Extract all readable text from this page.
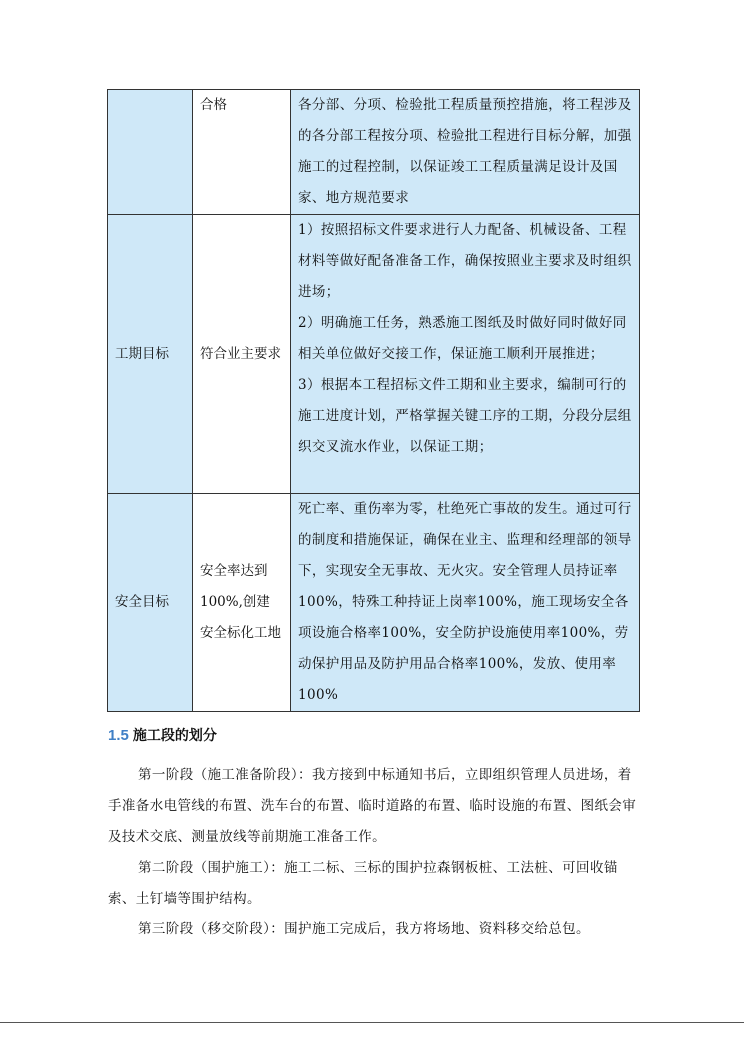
	合格	各分部、分项、检验批工程质量预控措施，将工程涉及的各分部工程按分项、检验批工程进行目标分解，加强施工的过程控制，以保证竣工工程质量满足设计及国家、地方规范要求
工期目标	符合业主要求	1）按照招标文件要求进行人力配备、机械设备、工程材料等做好配备准备工作，确保按照业主要求及时组织进场；
2）明确施工任务，熟悉施工图纸及时做好同时做好同相关单位做好交接工作，保证施工顺利开展推进；
3）根据本工程招标文件工期和业主要求，编制可行的施工进度计划，严格掌握关键工序的工期，分段分层组织交叉流水作业，以保证工期；

安全目标	安全率达到100%,创建安全标化工地	死亡率、重伤率为零，杜绝死亡事故的发生。通过可行的制度和措施保证，确保在业主、监理和经理部的领导下，实现安全无事故、无火灾。安全管理人员持证率100%，特殊工种持证上岗率100%，施工现场安全各项设施合格率100%，安全防护设施使用率100%，劳动保护用品及防护用品合格率100%，发放、使用率100%
1.5 施工段的划分

第一阶段（施工准备阶段）：我方接到中标通知书后，立即组织管理人员进场，着手准备水电管线的布置、洗车台的布置、临时道路的布置、临时设施的布置、图纸会审及技术交底、测量放线等前期施工准备工作。

第二阶段（围护施工）：施工二标、三标的围护拉森钢板桩、工法桩、可回收锚索、土钉墙等围护结构。

第三阶段（移交阶段）：围护施工完成后，我方将场地、资料移交给总包。
